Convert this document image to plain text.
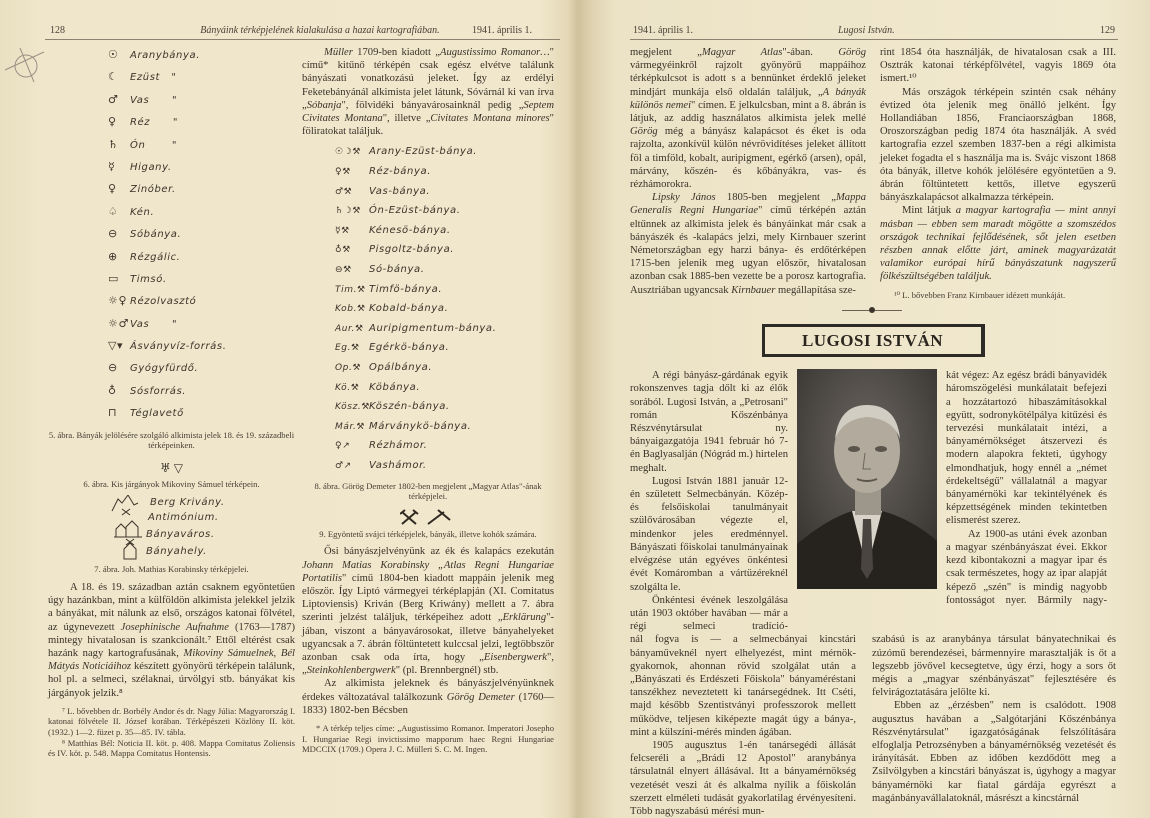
128	Bányáink térképjelének kialakulása a hazai kartografiában.	1941. április 1.
☉ Aranybánya.
☾ Ezüst   "
♂ Vas      "
♀ Réz      "
♄ Ón       "
☿ Higany.
♀ Zinóber.
♤ Kén.
⊖ Sóbánya.
⊕ Rézgálic.
▭ Timsó.
☼♀ Rézolvasztó
☼♂Vas      "
▽▾ Ásványvíz-forrás.
⊖ Gyógyfürdő.
♁ Sósforrás.
⊓ Téglavető
5. ábra. Bányák jelölésére szolgáló alkimista jelek 18. és 19. századbeli térképeinken.
♅ ▽
6. ábra. Kis járgányok Mikoviny Sámuel térképein.
Berg Krivány.
Antimónium.
Bányaváros.
Bányahely.
7. ábra. Joh. Mathias Korabinsky térképjelei.

A 18. és 19. században aztán csaknem egyöntetűen úgy hazánkban, mint a külföldön alkimista jelekkel jelzik a bányákat, mit nálunk az első, országos katonai fölvétel, az úgynevezett Josephinische Aufnahme (1763—1787) mintegy hivatalosan is szankcionált.⁷ Ettől eltérést csak hazánk nagy kartografusának, Mikoviny Sámuelnek, Bél Mátyás Noticiáihoz készített gyönyörű térképein találunk, hol pl. a selmeci, szélaknai, úrvölgyi stb. bányákat kis járgányok jelzik.⁸

⁷ L. bővebben dr. Borbély Andor és dr. Nagy Júlia: Magyarország I. katonai fölvétele II. József korában. Térképészeti Közlöny II. köt. (1932.) 1—2. füzet p. 35—85. IV. tábla.

⁸ Matthias Bél: Noticia II. köt. p. 408. Mappa Comitatus Zoliensis és IV. köt. p. 548. Mappa Comitatus Hontensis.

Müller 1709-ben kiadott „Augustissimo Romanor…" című* kitűnő térképén csak egész elvétve találunk bányászati vonatkozású jeleket. Így az erdélyi Feketebányánál alkimista jelet látunk, Sóvárnál ki van írva „Sóbanja", fölvidéki bányavárosainknál pedig „Septem Civitates Montana", illetve „Civitates Montana minores" föliratokat találjuk.

☉☽⚒ Arany-Ezüst-bánya.
♀⚒ Réz-bánya.
♂⚒ Vas-bánya.
♄☽⚒ Ón-Ezüst-bánya.
☿⚒ Kénesö-bánya.
♁⚒ Pisgoltz-bánya.
⊖⚒ Só-bánya.
Tim.⚒ Timfö-bánya.
Kob.⚒ Kobald-bánya.
Aur.⚒ Auripigmentum-bánya.
Eg.⚒ Egérkö-bánya.
Op.⚒ Opálbánya.
Kö.⚒ Köbánya.
Kösz.⚒Köszén-bánya.
Már.⚒ Márványkö-bánya.
♀↗ Rézhámor.
♂↗ Vashámor.
8. ábra. Görög Demeter 1802-ben megjelent „Magyar Atlas"-ának térképjelei.
9. Egyöntetű svájci térképjelek, bányák, illetve kohók számára.

Ősi bányászjelvényünk az ék és kalapács ezekután Johann Matias Korabinsky „Atlas Regni Hungariae Portatilis" című 1804-ben kiadott mappáin jelenik meg először. Így Liptó vármegyei térképlapján (XI. Comitatus Liptoviensis) Kriván (Berg Kriwány) mellett a 7. ábra szerinti jelzést találjuk, térképeihez adott „Erklärung"-jában, viszont a bányavárosokat, illetve bányahelyeket ugyancsak a 7. ábrán föltüntetett kulccsal jelzi, legtöbbször azonban csak oda írta, hogy „Eisenbergwerk", „Steinkohlenbergwerk" (pl. Brennbergnél) stb.

Az alkimista jeleknek és bányászjelvényünknek érdekes változatával találkozunk Görög Demeter (1760—1833) 1802-ben Bécsben

* A térkép teljes címe: „Augustissimo Romanor. Imperatori Josepho I. Hungariae Regi invictissimo mapporum haec Regni Hungariae MDCCIX (1709.) Opera J. C. Mülleri S. C. M. Ingen.

1941. április 1.	Lugosi István.	129

megjelent „Magyar Atlas"-ában. Görög vármegyéinkről rajzolt gyönyörű mappáihoz térképkulcsot is adott s a bennünket érdeklő jeleket mindjárt munkája első oldalán találjuk, „A bányák különös nemei" címen. E jelkulcsban, mint a 8. ábrán is látjuk, az addig használatos alkimista jelek mellé Görög még a bányász kalapácsot és éket is oda rajzolta, azonkívül külön névrövidítéses jeleket állított föl a timföld, kobalt, auripigment, egérkő (arsen), opál, márvány, kőszén- és kőbányákra, vas- és rézhámorokra.

Lipsky János 1805-ben megjelent „Mappa Generalis Regni Hungariae" című térképén aztán eltűnnek az alkimista jelek és bányáinkat már csak a bányászék és -kalapács jelzi, mely Kirnbauer szerint Németországban egy harzi bánya- és erdőtérképen 1715-ben jelenik meg ugyan először, hivatalosan azonban csak 1885-ben vezette be a porosz kartografia. Ausztriában ugyancsak Kirnbauer megállapítása sze-

rint 1854 óta használják, de hivatalosan csak a III. Osztrák katonai térképfölvétel, vagyis 1869 óta ismert.¹⁰

Más országok térképein szintén csak néhány évtized óta jelenik meg önálló jelként. Így Hollandiában 1856, Franciaországban 1868, Oroszországban pedig 1874 óta használják. A svéd kartografia ezzel szemben 1837-ben a régi alkimista jeleket fogadta el s használja ma is. Svájc viszont 1868 óta bányák, illetve kohók jelölésére egyöntetűen a 9. ábrán föltüntetett kettős, illetve egyszerű bányászkalapácsot alkalmazza térképein.

Mint látjuk a magyar kartografia — mint annyi másban — ebben sem maradt mögötte a szomszédos országok technikai fejlődésének, sőt jelen esetben részben annak előtte járt, aminek magyarázatát valamikor európai hírű bányászatunk nagyszerű fölkészültségében találjuk.

¹⁰ L. bővebben Franz Kirnbauer idézett munkáját.

LUGOSI ISTVÁN

A régi bányász-gárdának egyik rokonszenves tagja dőlt ki az élők sorából. Lugosi István, a „Petrosani" román Kőszénbánya Részvénytársulat ny. bányaigazgatója 1941 február hó 7-én Baglyasalján (Nógrád m.) hirtelen meghalt.

Lugosi István 1881 január 12-én született Selmecbányán. Közép- és felsőiskolai tanulmányait szülővárosában végezte el, mindenkor jeles eredménnyel. Bányászati főiskolai tanulmányainak elvégzése után egyéves önkéntesi évét Komáromban a vártüzéreknél szolgálta le.

Önkéntesi évének leszolgálása után 1903 október havában — már a régi selmeci tradíció-

kát végez: Az egész brádi bányavidék háromszögelési munkálatait befejezi a hozzátartozó hibaszámításokkal együtt, sodronykötélpálya kitűzési és tervezési munkálatait intézi, a bányamérnökséget átszervezi és modern alapokra fekteti, úgyhogy elmondhatjuk, hogy ennél a „német érdekeltségű" vállalatnál a magyar bányamérnöki kar tekintélyének és képzettségének minden tekintetben elismerést szerez.

Az 1900-as utáni évek azonban a magyar szénbányászat évei. Ekkor kezd kibontakozni a magyar ipar és csak természetes, hogy az ipar alapját képező „szén" is mindig nagyobb fontosságot nyer. Bármily nagy-

nál fogva is — a selmecbányai kincstári bányaműveknél nyert elhelyezést, mint mérnök-gyakornok, ahonnan rövid szolgálat után a „Bányászati és Erdészeti Főiskola" bányaméréstani tanszékhez neveztetett ki tanársegédnek. Itt Cséti, majd később Szentistványi professzorok mellett működve, teljesen kiképezte magát úgy a bánya-, mint a külszíni-mérés minden ágában.

1905 augusztus 1-én tanársegédi állását felcseréli a „Brádi 12 Apostol" aranybánya társulatnál elnyert állásával. Itt a bányamérnökség vezetését veszi át és alkalma nyílik a főiskolán szerzett elméleti tudását gyakorlatilag érvényesíteni. Több nagyszabású mérési mun-

szabású is az aranybánya társulat bányatechnikai és zúzómű berendezései, bármennyire marasztalják is őt a legszebb jövővel kecsegtetve, úgy érzi, hogy a sors őt mégis a „magyar szénbányászat" fejlesztésére és felvirágoztatására jelölte ki.

Ebben az „érzésben" nem is csalódott. 1908 augusztus havában a „Salgótarjáni Kőszénbánya Részvénytársulat" igazgatóságának felszólítására elfoglalja Petrozsényben a bányamérnökség vezetését és irányítását. Ebben az időben kezdődött meg a Zsilvölgyben a kincstári bányászat is, úgyhogy a magyar bányamérnöki kar fiatal gárdája egyrészt a magánbányavállalatoknál, másrészt a kincstárnál
